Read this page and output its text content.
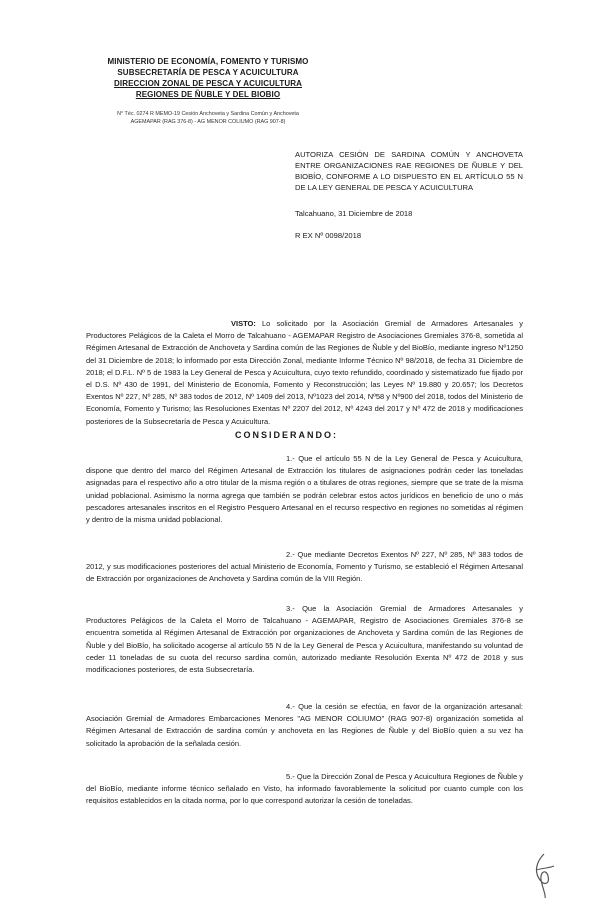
MINISTERIO DE ECONOMÍA, FOMENTO Y TURISMO
SUBSECRETARÍA DE PESCA Y ACUICULTURA
DIRECCION ZONAL DE PESCA Y ACUICULTURA
REGIONES DE ÑUBLE Y DEL BIOBIO
N° Téc. 0274 R MEMO-19 Cesión Anchoveta y Sardina Común y Anchoveta
AGEMAPAR (RAG 376-8) - AG MENOR COLIUMO (RAG 907-8)
AUTORIZA CESIÓN DE SARDINA COMÚN Y ANCHOVETA ENTRE ORGANIZACIONES RAE REGIONES DE ÑUBLE Y DEL BIOBÍO, CONFORME A LO DISPUESTO EN EL ARTÍCULO 55 N DE LA LEY GENERAL DE PESCA Y ACUICULTURA
Talcahuano, 31 Diciembre de 2018
R EX Nº 0098/2018
VISTO: Lo solicitado por la Asociación Gremial de Armadores Artesanales y Productores Pelágicos de la Caleta el Morro de Talcahuano - AGEMAPAR Registro de Asociaciones Gremiales 376-8, sometida al Régimen Artesanal de Extracción de Anchoveta y Sardina común de las Regiones de Ñuble y del BioBío, mediante ingreso Nº1250 del 31 Diciembre de 2018; lo informado por esta Dirección Zonal, mediante Informe Técnico Nº 98/2018, de fecha 31 Diciembre de 2018; el D.F.L. Nº 5 de 1983 la Ley General de Pesca y Acuicultura, cuyo texto refundido, coordinado y sistematizado fue fijado por el D.S. Nº 430 de 1991, del Ministerio de Economía, Fomento y Reconstrucción; las Leyes Nº 19.880 y 20.657; los Decretos Exentos Nº 227, Nº 285, Nº 383 todos de 2012, Nº 1409 del 2013, Nº1023 del 2014, Nº58 y Nº900 del 2018, todos del Ministerio de Economía, Fomento y Turismo; las Resoluciones Exentas Nº 2207 del 2012, Nº 4243 del 2017 y Nº 472 de 2018 y modificaciones posteriores de la Subsecretaría de Pesca y Acuicultura.
CONSIDERANDO:
1.- Que el artículo 55 N de la Ley General de Pesca y Acuicultura, dispone que dentro del marco del Régimen Artesanal de Extracción los titulares de asignaciones podrán ceder las toneladas asignadas para el respectivo año a otro titular de la misma región o a titulares de otras regiones, siempre que se trate de la misma unidad poblacional. Asimismo la norma agrega que también se podrán celebrar estos actos jurídicos en beneficio de uno o más pescadores artesanales inscritos en el Registro Pesquero Artesanal en el recurso respectivo en regiones no sometidas al régimen y dentro de la misma unidad poblacional.
2.- Que mediante Decretos Exentos Nº 227, Nº 285, Nº 383 todos de 2012, y sus modificaciones posteriores del actual Ministerio de Economía, Fomento y Turismo, se estableció el Régimen Artesanal de Extracción por organizaciones de Anchoveta y Sardina común de la VIII Región.
3.- Que la Asociación Gremial de Armadores Artesanales y Productores Pelágicos de la Caleta el Morro de Talcahuano - AGEMAPAR, Registro de Asociaciones Gremiales 376-8 se encuentra sometida al Régimen Artesanal de Extracción por organizaciones de Anchoveta y Sardina común de las Regiones de Ñuble y del BioBío, ha solicitado acogerse al artículo 55 N de la Ley General de Pesca y Acuicultura, manifestando su voluntad de ceder 11 toneladas de su cuota del recurso sardina común, autorizado mediante Resolución Exenta Nº 472 de 2018 y sus modificaciones posteriores, de esta Subsecretaría.
4.- Que la cesión se efectúa, en favor de la organización artesanal: Asociación Gremial de Armadores Embarcaciones Menores "AG MENOR COLIUMO" (RAG 907-8) organización sometida al Régimen Artesanal de Extracción de sardina común y anchoveta en las Regiones de Ñuble y del BioBío quien a su vez ha solicitado la aprobación de la señalada cesión.
5.- Que la Dirección Zonal de Pesca y Acuicultura Regiones de Ñuble y del BioBío, mediante informe técnico señalado en Visto, ha informado favorablemente la solicitud por cuanto cumple con los requisitos establecidos en la citada norma, por lo que correspond autorizar la cesión de toneladas.
